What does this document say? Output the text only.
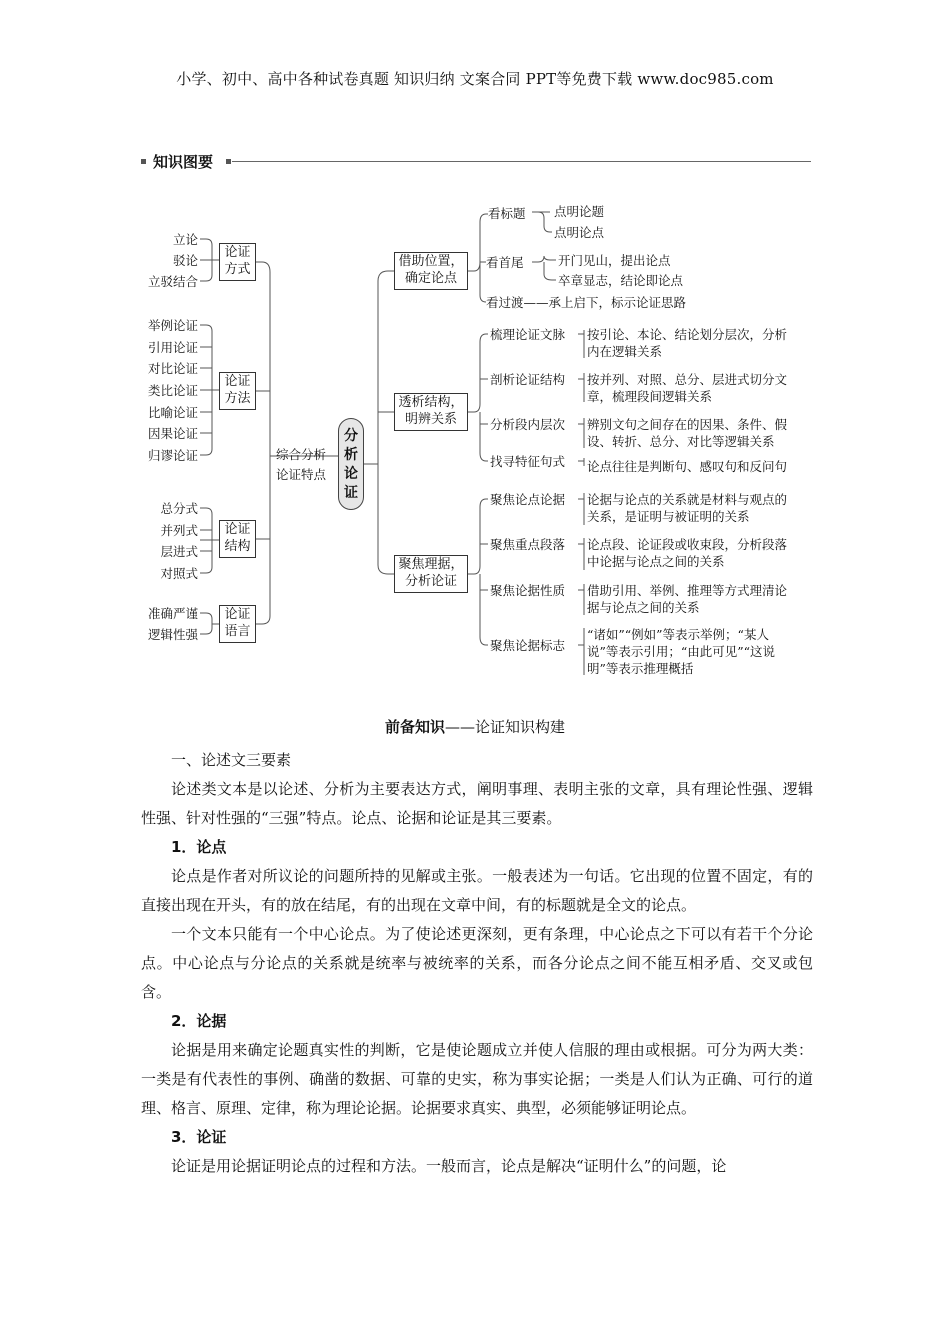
小学、初中、高中各种试卷真题 知识归纳 文案合同 PPT等免费下载 www.doc985.com
知识图要
立论
驳论
立驳结合
举例论证
引用论证
对比论证
类比论证
比喻论证
因果论证
归谬论证
总分式
并列式
层进式
对照式
准确严谨
逻辑性强
论证
方式
论证
方法
论证
结构
论证
语言
综合分析
论证特点
分
析
论
证
借助位置，
确定论点
透析结构，
明辨关系
聚焦理据，
分析论证
看标题 点明论题
点明论点
看首尾	开门见山，提出论点
卒章显志，结论即论点
看过渡——承上启下，标示论证思路
梳理论证文脉 按引论、本论、结论划分层次，分析内在逻辑关系
剖析论证结构 按并列、对照、总分、层进式切分文章，梳理段间逻辑关系
分析段内层次 辨别文句之间存在的因果、条件、假设、转折、总分、对比等逻辑关系
找寻特征句式 论点往往是判断句、感叹句和反问句
聚焦论点论据 论据与论点的关系就是材料与观点的关系，是证明与被证明的关系
聚焦重点段落 论点段、论证段或收束段，分析段落中论据与论点之间的关系
聚焦论据性质 借助引用、举例、推理等方式理清论据与论点之间的关系
聚焦论据标志
“诸如”“例如”等表示举例；“某人说”等表示引用；“由此可见”“这说明”等表示推理概括
前备知识——论证知识构建

一、论述文三要素

论述类文本是以论述、分析为主要表达方式，阐明事理、表明主张的文章，具有理论性强、逻辑性强、针对性强的“三强”特点。论点、论据和论证是其三要素。

1．论点

论点是作者对所议论的问题所持的见解或主张。一般表述为一句话。它出现的位置不固定，有的直接出现在开头，有的放在结尾，有的出现在文章中间，有的标题就是全文的论点。

一个文本只能有一个中心论点。为了使论述更深刻，更有条理，中心论点之下可以有若干个分论点。中心论点与分论点的关系就是统率与被统率的关系，而各分论点之间不能互相矛盾、交叉或包含。

2．论据

论据是用来确定论题真实性的判断，它是使论题成立并使人信服的理由或根据。可分为两大类：一类是有代表性的事例、确凿的数据、可靠的史实，称为事实论据；一类是人们认为正确、可行的道理、格言、原理、定律，称为理论论据。论据要求真实、典型，必须能够证明论点。

3．论证

论证是用论据证明论点的过程和方法。一般而言，论点是解决“证明什么”的问题，论
